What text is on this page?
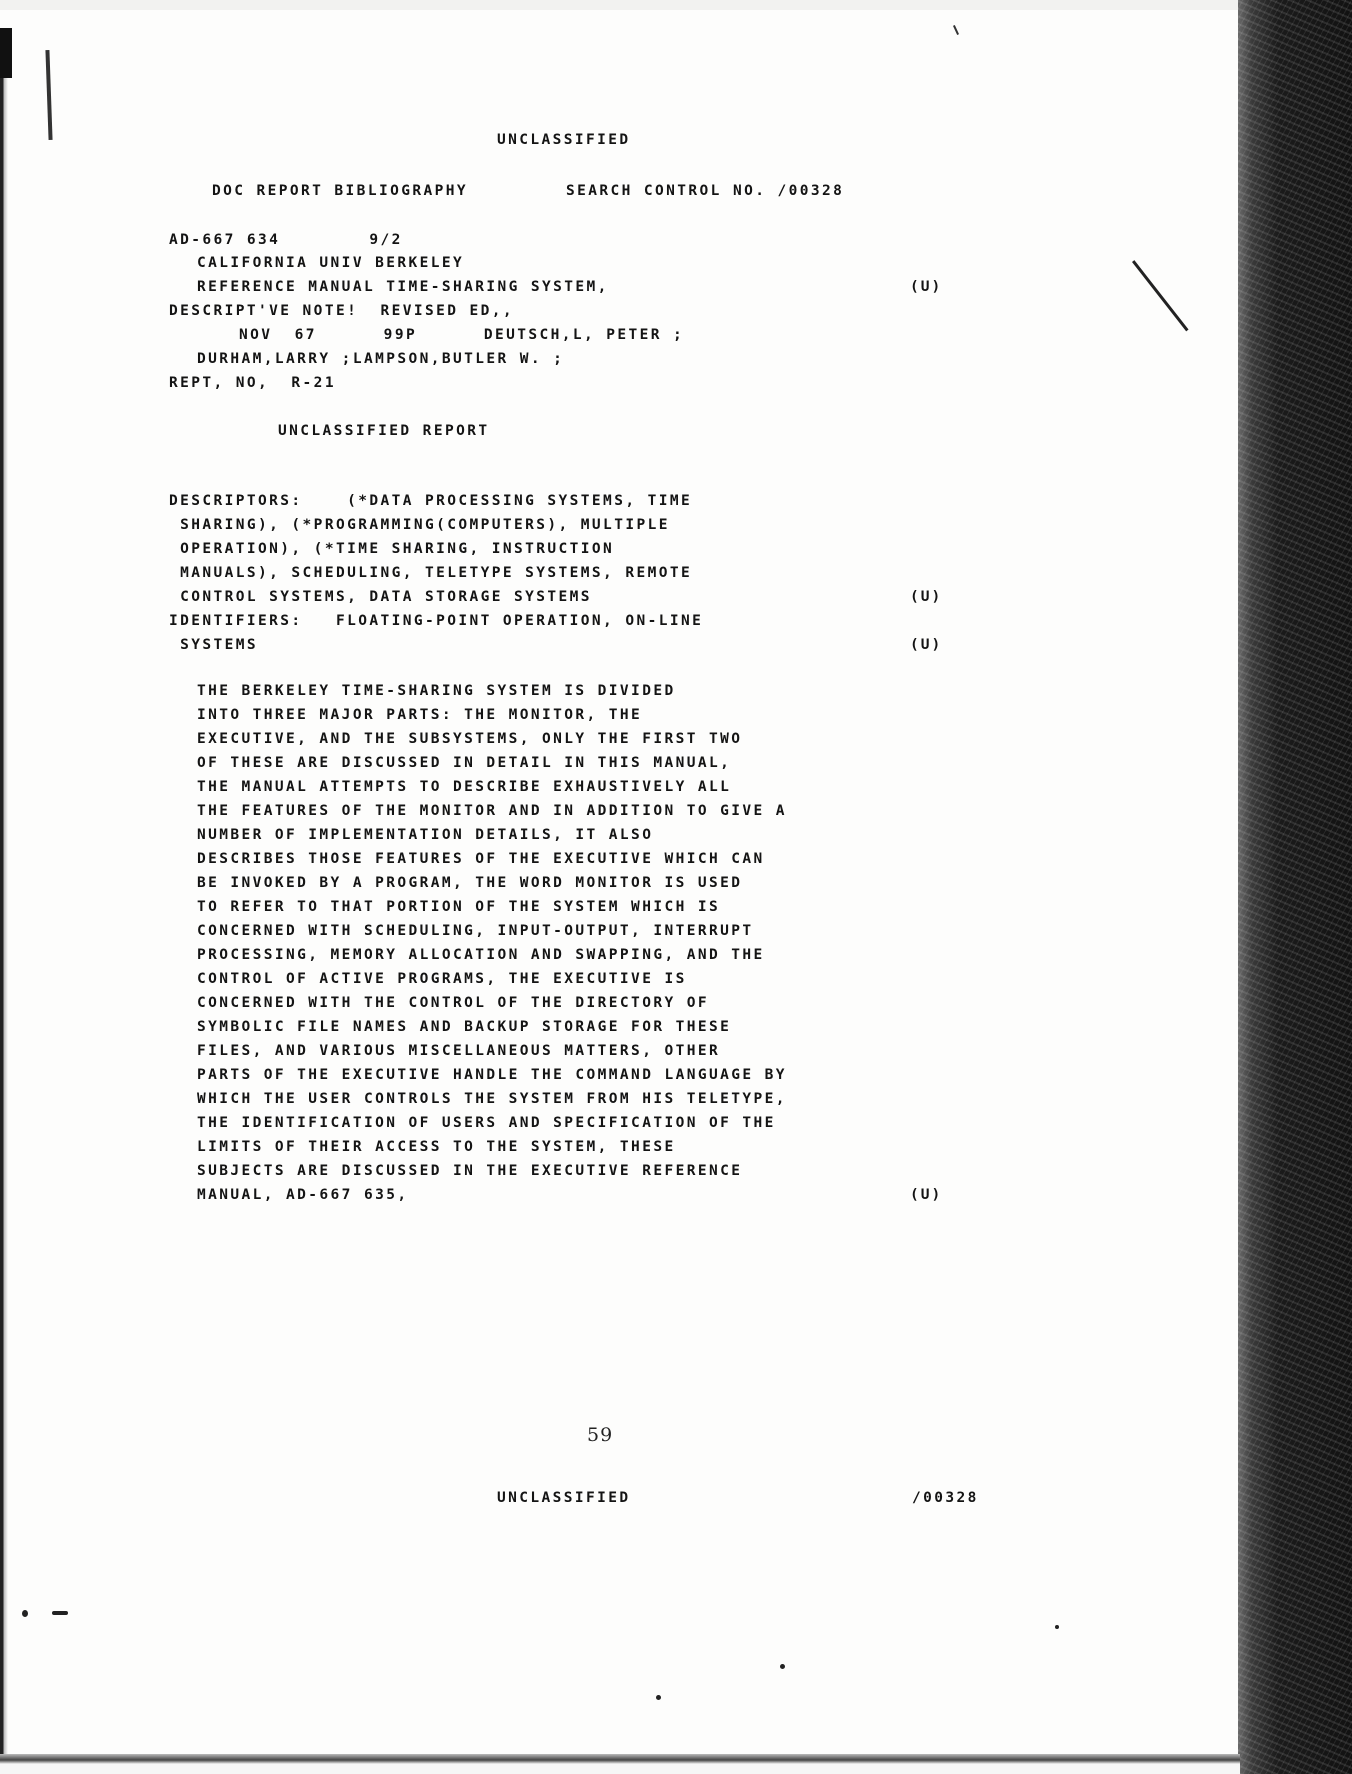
UNCLASSIFIED
DOC REPORT BIBLIOGRAPHY	SEARCH CONTROL NO. /00328
AD-667 634        9/2
CALIFORNIA UNIV BERKELEY
REFERENCE MANUAL TIME-SHARING SYSTEM,	(U)
DESCRIPT'VE NOTE!  REVISED ED,,
NOV  67      99P      DEUTSCH,L, PETER ;
DURHAM,LARRY ;LAMPSON,BUTLER W. ;
REPT, NO,  R-21
UNCLASSIFIED REPORT
DESCRIPTORS:    (*DATA PROCESSING SYSTEMS, TIME
SHARING), (*PROGRAMMING(COMPUTERS), MULTIPLE
OPERATION), (*TIME SHARING, INSTRUCTION
MANUALS), SCHEDULING, TELETYPE SYSTEMS, REMOTE
CONTROL SYSTEMS, DATA STORAGE SYSTEMS	(U)
IDENTIFIERS:   FLOATING-POINT OPERATION, ON-LINE
SYSTEMS	(U)
THE BERKELEY TIME-SHARING SYSTEM IS DIVIDED
INTO THREE MAJOR PARTS: THE MONITOR, THE
EXECUTIVE, AND THE SUBSYSTEMS, ONLY THE FIRST TWO
OF THESE ARE DISCUSSED IN DETAIL IN THIS MANUAL,
THE MANUAL ATTEMPTS TO DESCRIBE EXHAUSTIVELY ALL
THE FEATURES OF THE MONITOR AND IN ADDITION TO GIVE A
NUMBER OF IMPLEMENTATION DETAILS, IT ALSO
DESCRIBES THOSE FEATURES OF THE EXECUTIVE WHICH CAN
BE INVOKED BY A PROGRAM, THE WORD MONITOR IS USED
TO REFER TO THAT PORTION OF THE SYSTEM WHICH IS
CONCERNED WITH SCHEDULING, INPUT-OUTPUT, INTERRUPT
PROCESSING, MEMORY ALLOCATION AND SWAPPING, AND THE
CONTROL OF ACTIVE PROGRAMS, THE EXECUTIVE IS
CONCERNED WITH THE CONTROL OF THE DIRECTORY OF
SYMBOLIC FILE NAMES AND BACKUP STORAGE FOR THESE
FILES, AND VARIOUS MISCELLANEOUS MATTERS, OTHER
PARTS OF THE EXECUTIVE HANDLE THE COMMAND LANGUAGE BY
WHICH THE USER CONTROLS THE SYSTEM FROM HIS TELETYPE,
THE IDENTIFICATION OF USERS AND SPECIFICATION OF THE
LIMITS OF THEIR ACCESS TO THE SYSTEM, THESE
SUBJECTS ARE DISCUSSED IN THE EXECUTIVE REFERENCE
MANUAL, AD-667 635,	(U)
59
UNCLASSIFIED	/00328
